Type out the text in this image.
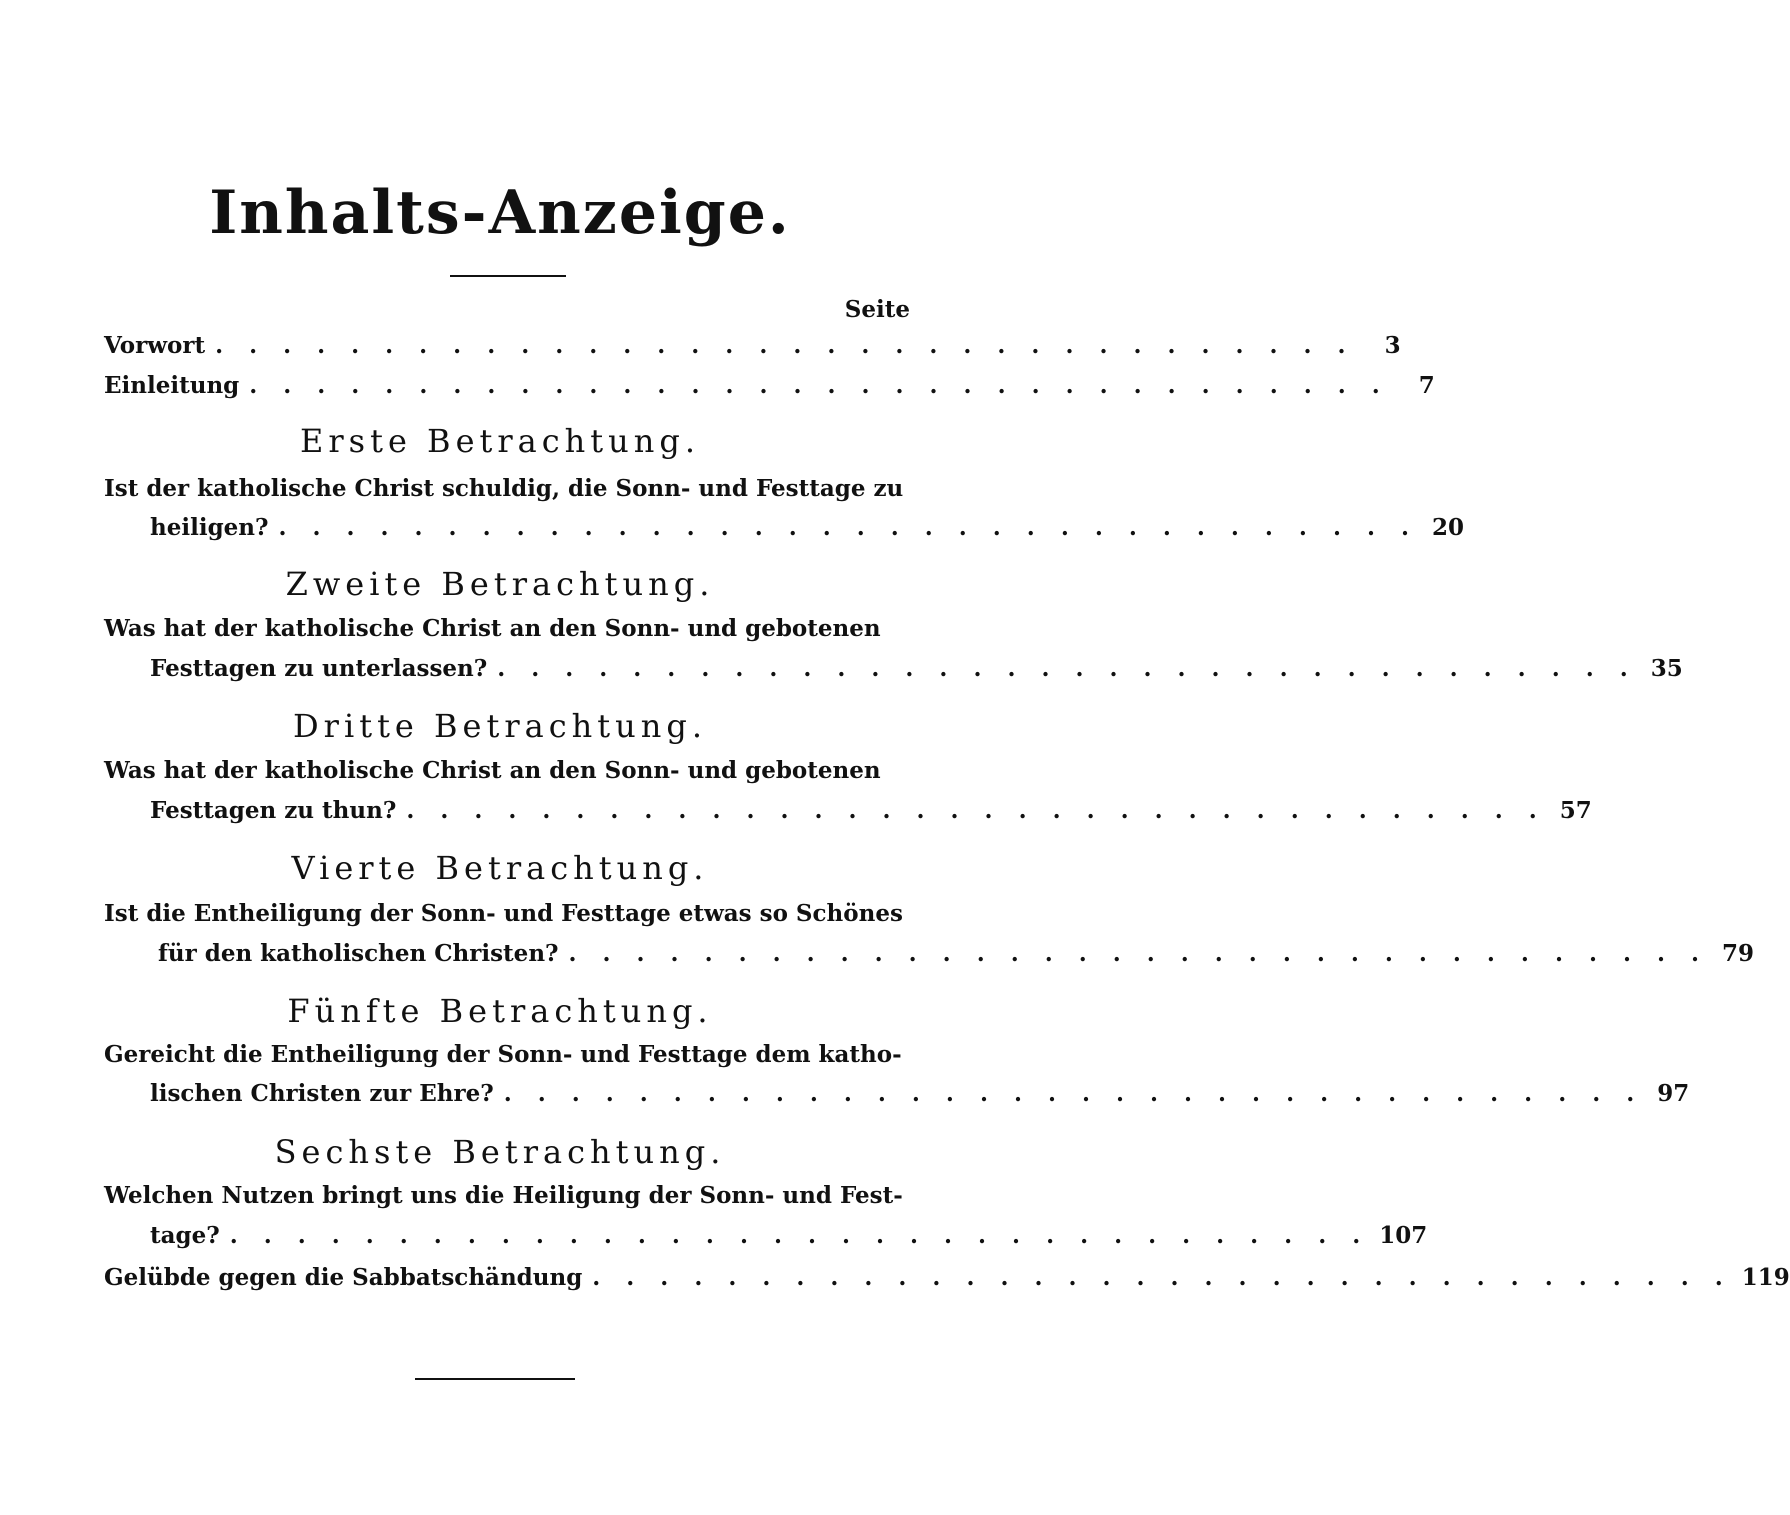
Inhalts-Anzeige.
Seite
Vorwort . . . . . . . . . . . . . . . . . . . . . . . . . . . . . . . . . .	3
Einleitung . . . . . . . . . . . . . . . . . . . . . . . . . . . . . . . . . .	7
Erste Betrachtung.
Ist der katholische Christ schuldig, die Sonn- und Festtage zu
heiligen? . . . . . . . . . . . . . . . . . . . . . . . . . . . . . . . . . . 20
Zweite Betrachtung.
Was hat der katholische Christ an den Sonn- und gebotenen
Festtagen zu unterlassen? . . . . . . . . . . . . . . . . . . . . . . . . . . . . . . . . . . 35
Dritte Betrachtung.
Was hat der katholische Christ an den Sonn- und gebotenen
Festtagen zu thun? . . . . . . . . . . . . . . . . . . . . . . . . . . . . . . . . . . 57
Vierte Betrachtung.
Ist die Entheiligung der Sonn- und Festtage etwas so Schönes
für den katholischen Christen? . . . . . . . . . . . . . . . . . . . . . . . . . . . . . . . . . . 79
Fünfte Betrachtung.
Gereicht die Entheiligung der Sonn- und Festtage dem katho-
lischen Christen zur Ehre? . . . . . . . . . . . . . . . . . . . . . . . . . . . . . . . . . . 97
Sechste Betrachtung.
Welchen Nutzen bringt uns die Heiligung der Sonn- und Fest-
tage? . . . . . . . . . . . . . . . . . . . . . . . . . . . . . . . . . . 107
Gelübde gegen die Sabbatschändung . . . . . . . . . . . . . . . . . . . . . . . . . . . . . . . . . . 119
